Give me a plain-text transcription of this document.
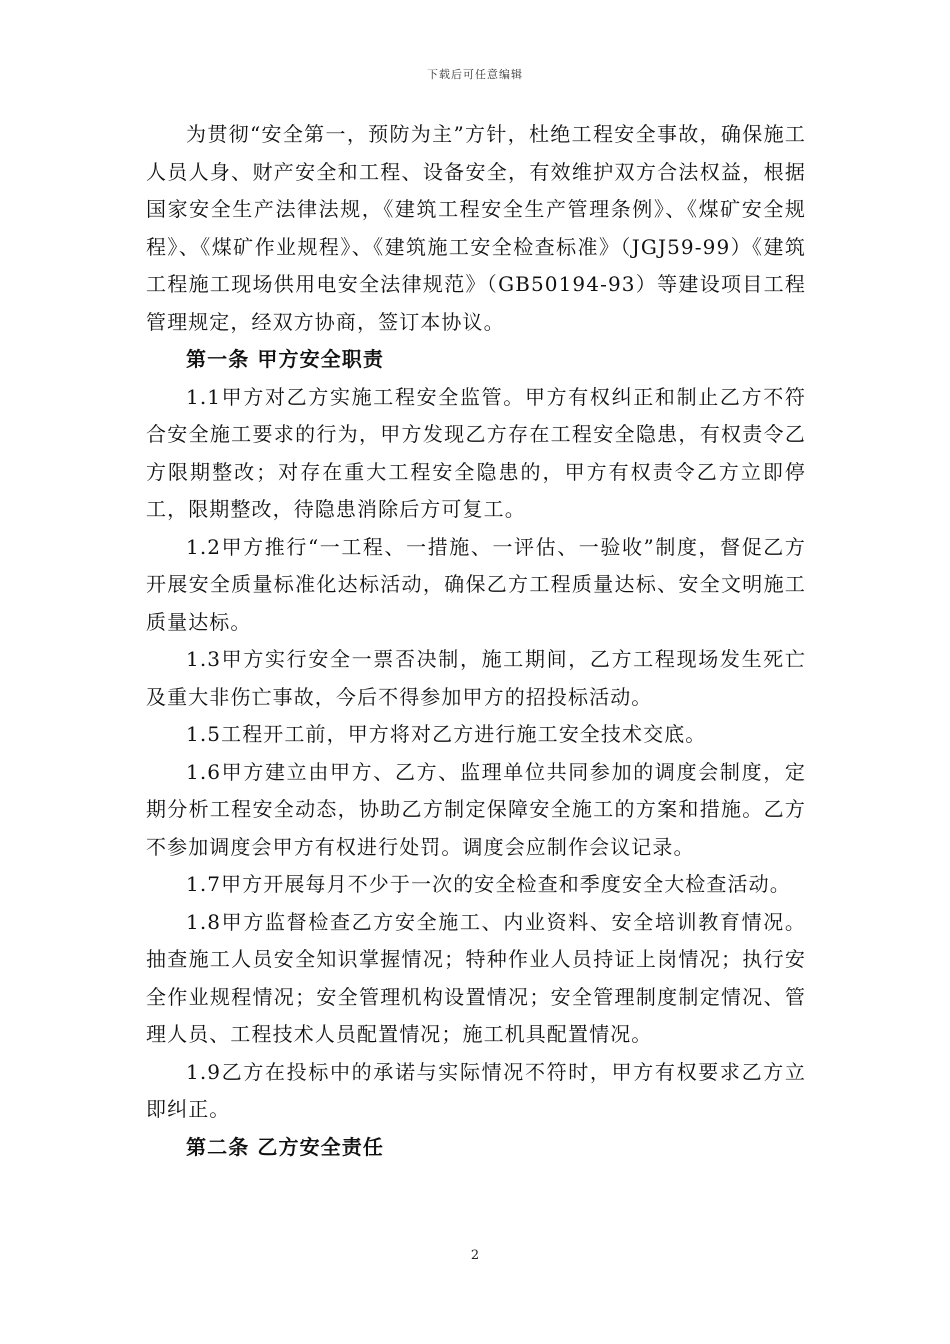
下载后可任意编辑

为贯彻“安全第一，预防为主”方针，杜绝工程安全事故，确保施工人员人身、财产安全和工程、设备安全，有效维护双方合法权益，根据国家安全生产法律法规，《建筑工程安全生产管理条例》、《煤矿安全规程》、《煤矿作业规程》、《建筑施工安全检查标准》（JGJ59-99）《建筑工程施工现场供用电安全法律规范》（GB50194-93）等建设项目工程管理规定，经双方协商，签订本协议。

第一条 甲方安全职责

1.1甲方对乙方实施工程安全监管。甲方有权纠正和制止乙方不符合安全施工要求的行为，甲方发现乙方存在工程安全隐患，有权责令乙方限期整改；对存在重大工程安全隐患的，甲方有权责令乙方立即停工，限期整改，待隐患消除后方可复工。

1.2甲方推行“一工程、一措施、一评估、一验收”制度，督促乙方开展安全质量标准化达标活动，确保乙方工程质量达标、安全文明施工质量达标。

1.3甲方实行安全一票否决制，施工期间，乙方工程现场发生死亡及重大非伤亡事故，今后不得参加甲方的招投标活动。

1.5工程开工前，甲方将对乙方进行施工安全技术交底。

1.6甲方建立由甲方、乙方、监理单位共同参加的调度会制度，定期分析工程安全动态，协助乙方制定保障安全施工的方案和措施。乙方不参加调度会甲方有权进行处罚。调度会应制作会议记录。

1.7甲方开展每月不少于一次的安全检查和季度安全大检查活动。

1.8甲方监督检查乙方安全施工、内业资料、安全培训教育情况。抽查施工人员安全知识掌握情况；特种作业人员持证上岗情况；执行安全作业规程情况；安全管理机构设置情况；安全管理制度制定情况、管理人员、工程技术人员配置情况；施工机具配置情况。

1.9乙方在投标中的承诺与实际情况不符时，甲方有权要求乙方立即纠正。

第二条 乙方安全责任

2
